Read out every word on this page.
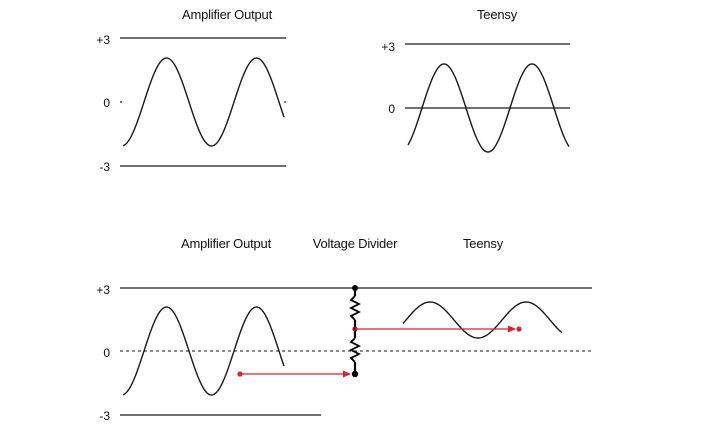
Amplifier Output
+3
0
-3
Teensy
+3
0
Amplifier Output	Voltage Divider	Teensy
+3
0
-3
